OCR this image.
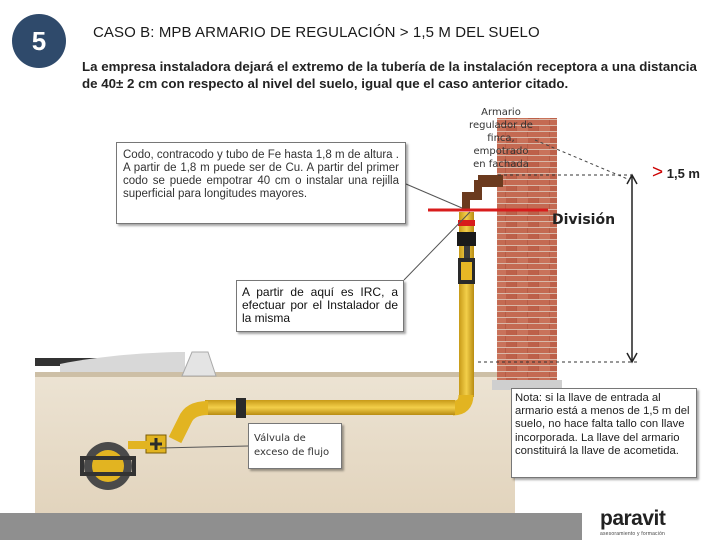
5	CASO B: MPB ARMARIO DE REGULACIÓN > 1,5 M DEL SUELO
La empresa instaladora dejará el extremo de la tubería de la instalación receptora a una distancia de 40± 2 cm con respecto al nivel del suelo, igual que el caso anterior citado.
Codo, contracodo y tubo de Fe hasta 1,8 m de altura . A partir de 1,8 m puede ser de Cu. A partir del primer codo se puede empotrar 40 cm o instalar una rejilla superficial para longitudes mayores.
A partir de aquí es IRC, a efectuar por el Instalador de la misma
Válvula de exceso de flujo
Nota: si la llave de entrada al armario está a menos de 1,5 m del suelo, no hace falta tallo con llave incorporada. La llave del armario constituirá la llave de acometida.
Armario regulador de finca, empotrado en fachada
División
> 1,5 m
paravit
asesoramiento y formación
